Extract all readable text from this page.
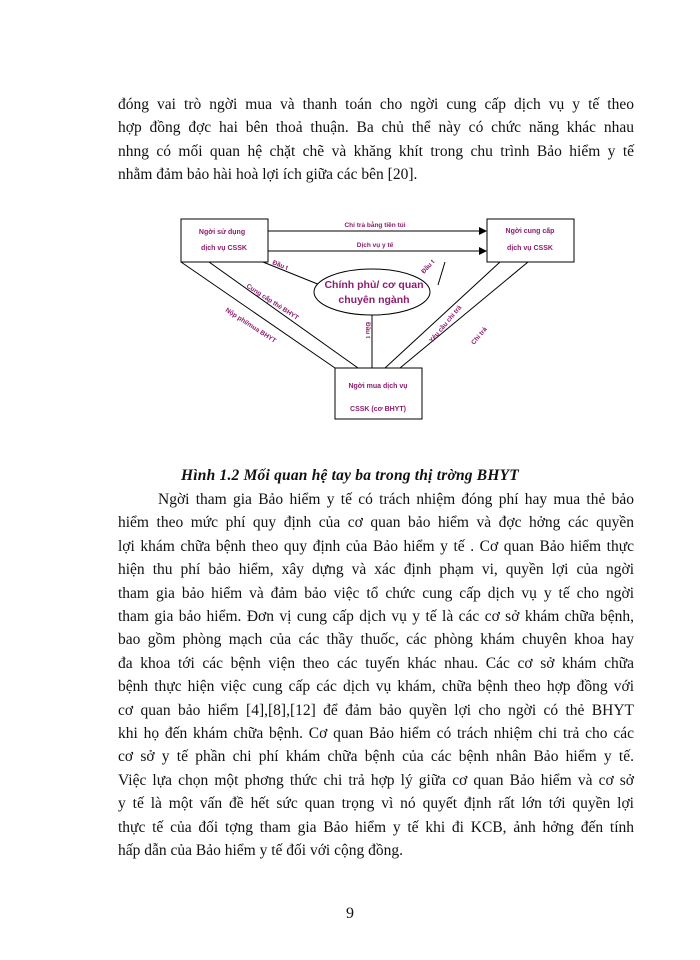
đóng vai trò ngời mua và thanh toán cho ngời cung cấp dịch vụ y tế theo
hợp đồng đợc hai bên thoả thuận. Ba chủ thể này có chức năng khác nhau
nhng có mối quan hệ chặt chẽ và khăng khít trong chu trình Bảo hiểm y tế
nhằm đảm bảo hài hoà lợi ích giữa các bên [20].
Ngời sử dụng
dịch vụ CSSK
Ngời cung cấp
dịch vụ CSSK
Ngời mua dịch vụ
CSSK (cơ BHYT)
Chính phủ/ cơ quan
chuyên ngành
Chi trả bằng tiền túi
Dịch vụ y tế
Đầu t	Đầu t
Cung cấp thẻ BHYT
Nộp phí/mua BHYT	Đầu t	Yêu cầu chi trả Chi trả
Hình 1.2 Mối quan hệ tay ba trong thị trờng BHYT
Ngời tham gia Bảo hiểm y tế có trách nhiệm đóng phí hay mua thẻ bảo
hiểm theo mức phí quy định của cơ quan bảo hiểm và đợc hởng các quyền
lợi khám chữa bệnh theo quy định của Bảo hiểm y tế . Cơ quan Bảo hiểm thực
hiện thu phí bảo hiểm, xây dựng và xác định phạm vi, quyền lợi của ngời
tham gia bảo hiểm và đảm bảo việc tổ chức cung cấp dịch vụ y tế cho ngời
tham gia bảo hiểm. Đơn vị cung cấp dịch vụ y tế là các cơ sở khám chữa bệnh,
bao gồm phòng mạch của các thầy thuốc, các phòng khám chuyên khoa hay
đa khoa tới các bệnh viện theo các tuyến khác nhau. Các cơ sở khám chữa
bệnh thực hiện việc cung cấp các dịch vụ khám, chữa bệnh theo hợp đồng với
cơ quan bảo hiểm [4],[8],[12] để đảm bảo quyền lợi cho ngời có thẻ BHYT
khi họ đến khám chữa bệnh. Cơ quan Bảo hiểm có trách nhiệm chi trả cho các
cơ sở y tế phần chi phí khám chữa bệnh của các bệnh nhân Bảo hiểm y tế.
Việc lựa chọn một phơng thức chi trả hợp lý giữa cơ quan Bảo hiểm và cơ sở
y tế là một vấn đề hết sức quan trọng vì nó quyết định rất lớn tới quyền lợi
thực tế của đối tợng tham gia Bảo hiểm y tế khi đi KCB, ảnh hởng đến tính
hấp dẫn của Bảo hiểm y tế đối với cộng đồng.
9
